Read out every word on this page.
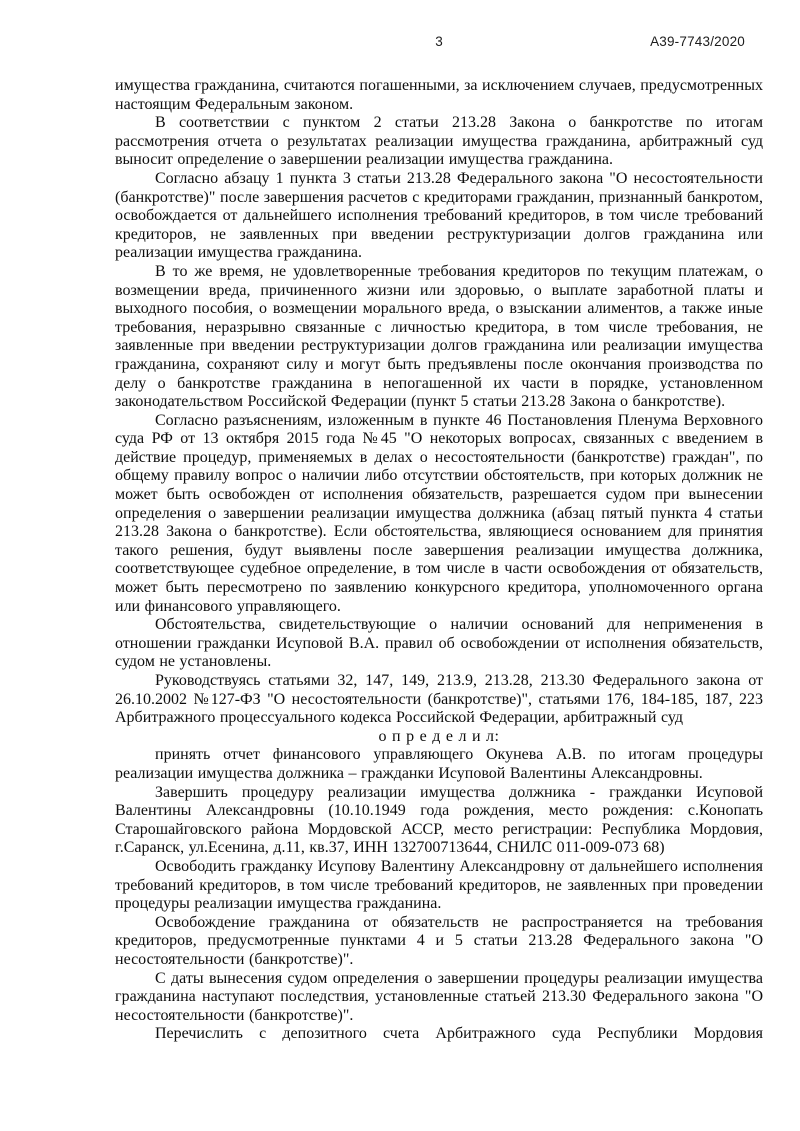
3	А39-7743/2020

имущества гражданина, считаются погашенными, за исключением случаев, предусмотренных настоящим Федеральным законом.

В соответствии с пунктом 2 статьи 213.28 Закона о банкротстве по итогам рассмотрения отчета о результатах реализации имущества гражданина, арбитражный суд выносит определение о завершении реализации имущества гражданина.

Согласно абзацу 1 пункта 3 статьи 213.28 Федерального закона "О несостоятельности (банкротстве)" после завершения расчетов с кредиторами гражданин, признанный банкротом, освобождается от дальнейшего исполнения требований кредиторов, в том числе требований кредиторов, не заявленных при введении реструктуризации долгов гражданина или реализации имущества гражданина.

В то же время, не удовлетворенные требования кредиторов по текущим платежам, о возмещении вреда, причиненного жизни или здоровью, о выплате заработной платы и выходного пособия, о возмещении морального вреда, о взыскании алиментов, а также иные требования, неразрывно связанные с личностью кредитора, в том числе требования, не заявленные при введении реструктуризации долгов гражданина или реализации имущества гражданина, сохраняют силу и могут быть предъявлены после окончания производства по делу о банкротстве гражданина в непогашенной их части в порядке, установленном законодательством Российской Федерации (пункт 5 статьи 213.28 Закона о банкротстве).

Согласно разъяснениям, изложенным в пункте 46 Постановления Пленума Верховного суда РФ от 13 октября 2015 года №45 "О некоторых вопросах, связанных с введением в действие процедур, применяемых в делах о несостоятельности (банкротстве) граждан", по общему правилу вопрос о наличии либо отсутствии обстоятельств, при которых должник не может быть освобожден от исполнения обязательств, разрешается судом при вынесении определения о завершении реализации имущества должника (абзац пятый пункта 4 статьи 213.28 Закона о банкротстве). Если обстоятельства, являющиеся основанием для принятия такого решения, будут выявлены после завершения реализации имущества должника, соответствующее судебное определение, в том числе в части освобождения от обязательств, может быть пересмотрено по заявлению конкурсного кредитора, уполномоченного органа или финансового управляющего.

Обстоятельства, свидетельствующие о наличии оснований для неприменения в отношении гражданки Исуповой В.А. правил об освобождении от исполнения обязательств, судом не установлены.

Руководствуясь статьями 32, 147, 149, 213.9, 213.28, 213.30 Федерального закона от 26.10.2002 №127-ФЗ "О несостоятельности (банкротстве)", статьями 176, 184-185, 187, 223 Арбитражного процессуального кодекса Российской Федерации, арбитражный суд

о п р е д е л и л:

принять отчет финансового управляющего Окунева А.В. по итогам процедуры реализации имущества должника – гражданки Исуповой Валентины Александровны.

Завершить процедуру реализации имущества должника - гражданки Исуповой Валентины Александровны (10.10.1949 года рождения, место рождения: с.Конопать Старошайговского района Мордовской АССР, место регистрации: Республика Мордовия, г.Саранск, ул.Есенина, д.11, кв.37, ИНН 132700713644, СНИЛС 011-009-073 68)

Освободить гражданку Исупову Валентину Александровну от дальнейшего исполнения требований кредиторов, в том числе требований кредиторов, не заявленных при проведении процедуры реализации имущества гражданина.

Освобождение гражданина от обязательств не распространяется на требования кредиторов, предусмотренные пунктами 4 и 5 статьи 213.28 Федерального закона "О несостоятельности (банкротстве)".

С даты вынесения судом определения о завершении процедуры реализации имущества гражданина наступают последствия, установленные статьей 213.30 Федерального закона "О несостоятельности (банкротстве)".

Перечислить с депозитного счета Арбитражного суда Республики Мордовия
